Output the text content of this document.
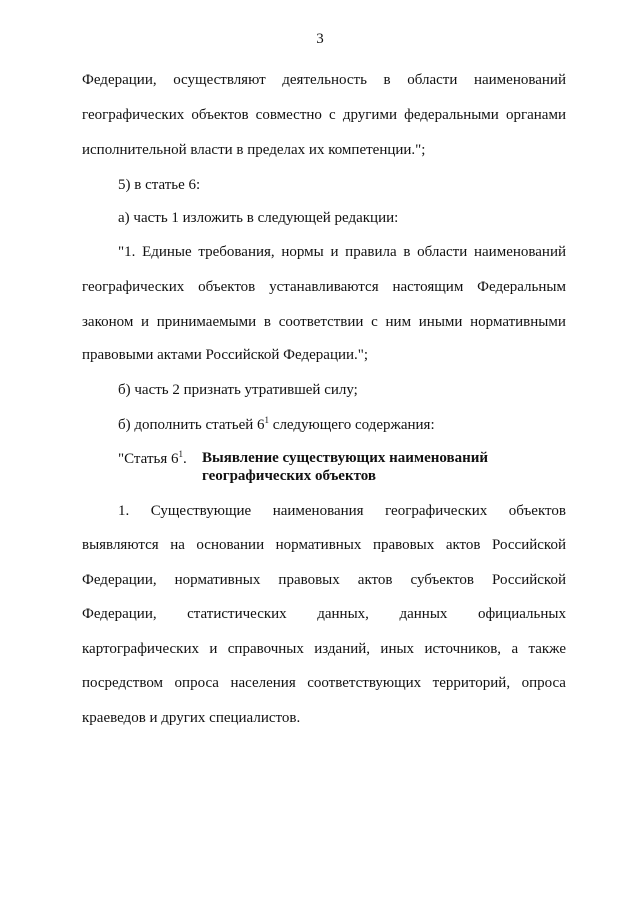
3
Федерации, осуществляют деятельность в области наименований
географических объектов совместно с другими федеральными органами
исполнительной власти в пределах их компетенции.";
5) в статье 6:
а) часть 1 изложить в следующей редакции:
"1. Единые требования, нормы и правила в области наименований
географических объектов устанавливаются настоящим Федеральным
законом и принимаемыми в соответствии с ним иными нормативными
правовыми актами Российской Федерации.";
б) часть 2 признать утратившей силу;
б) дополнить статьей $6^1$ следующего содержания:
"Статья $6^1$. Выявление существующих наименований географических объектов
1. Существующие наименования географических объектов
выявляются на основании нормативных правовых актов Российской
Федерации, нормативных правовых актов субъектов Российской
Федерации, статистических данных, данных официальных
картографических и справочных изданий, иных источников, а также
посредством опроса населения соответствующих территорий, опроса
краеведов и других специалистов.
